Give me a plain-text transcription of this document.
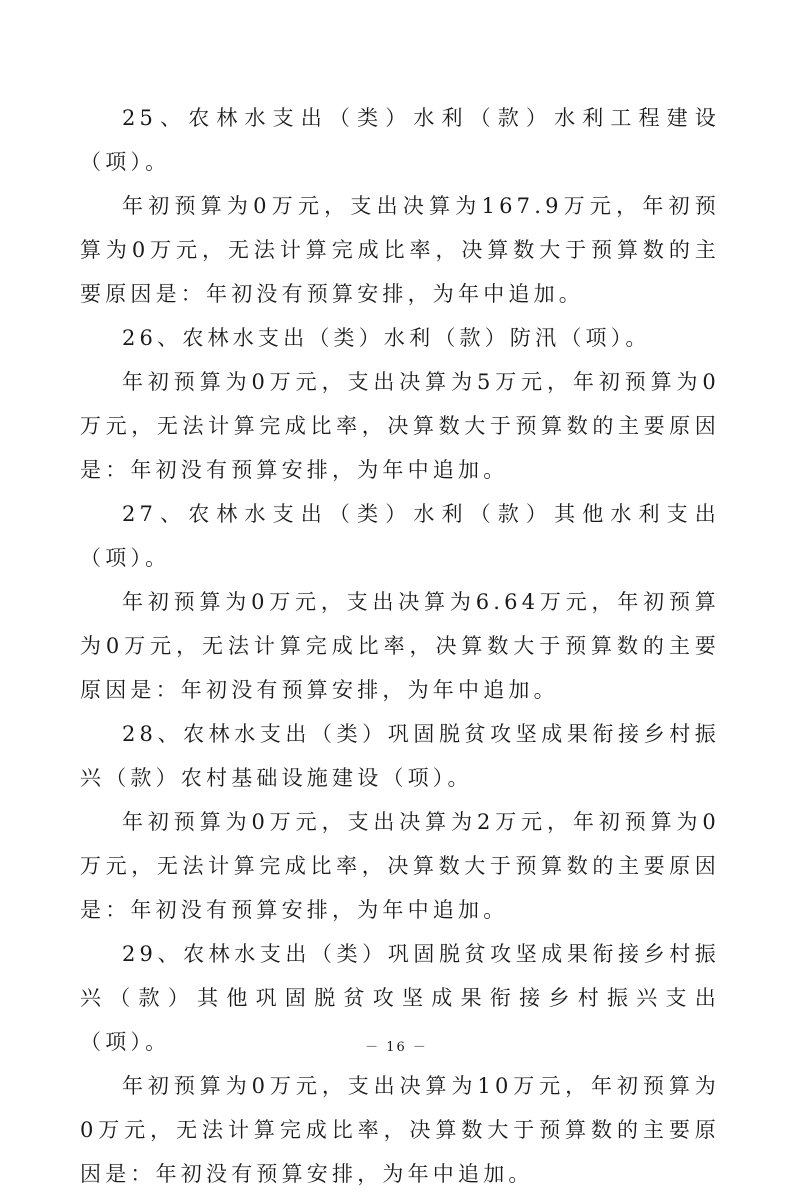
25、农林水支出（类）水利（款）水利工程建设（项）。

年初预算为0万元，支出决算为167.9万元，年初预算为0万元，无法计算完成比率，决算数大于预算数的主要原因是：年初没有预算安排，为年中追加。

26、农林水支出（类）水利（款）防汛（项）。

年初预算为0万元，支出决算为5万元，年初预算为0万元，无法计算完成比率，决算数大于预算数的主要原因是：年初没有预算安排，为年中追加。

27、农林水支出（类）水利（款）其他水利支出（项）。

年初预算为0万元，支出决算为6.64万元，年初预算为0万元，无法计算完成比率，决算数大于预算数的主要原因是：年初没有预算安排，为年中追加。

28、农林水支出（类）巩固脱贫攻坚成果衔接乡村振兴（款）农村基础设施建设（项）。

年初预算为0万元，支出决算为2万元，年初预算为0万元，无法计算完成比率，决算数大于预算数的主要原因是：年初没有预算安排，为年中追加。

29、农林水支出（类）巩固脱贫攻坚成果衔接乡村振兴（款）其他巩固脱贫攻坚成果衔接乡村振兴支出（项）。

年初预算为0万元，支出决算为10万元，年初预算为0万元，无法计算完成比率，决算数大于预算数的主要原因是：年初没有预算安排，为年中追加。

－ 16 －
